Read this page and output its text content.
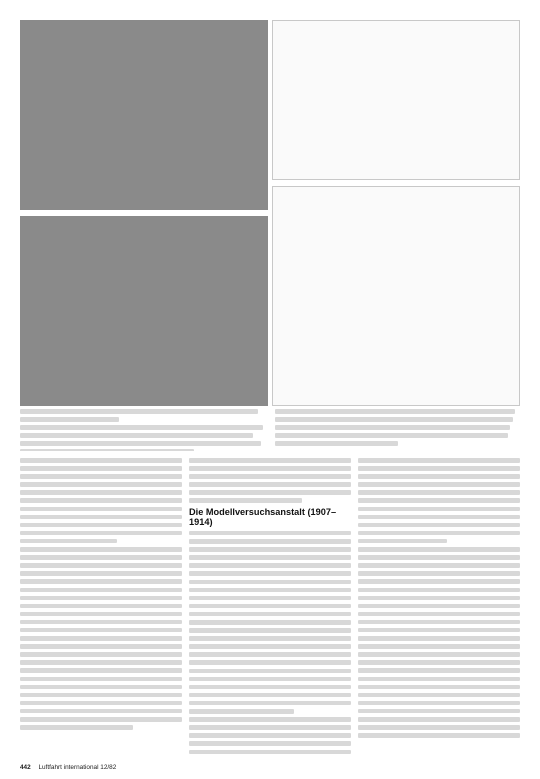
Die Modellversuchsanstalt (1907–1914)
442 Luftfahrt international 12/82
